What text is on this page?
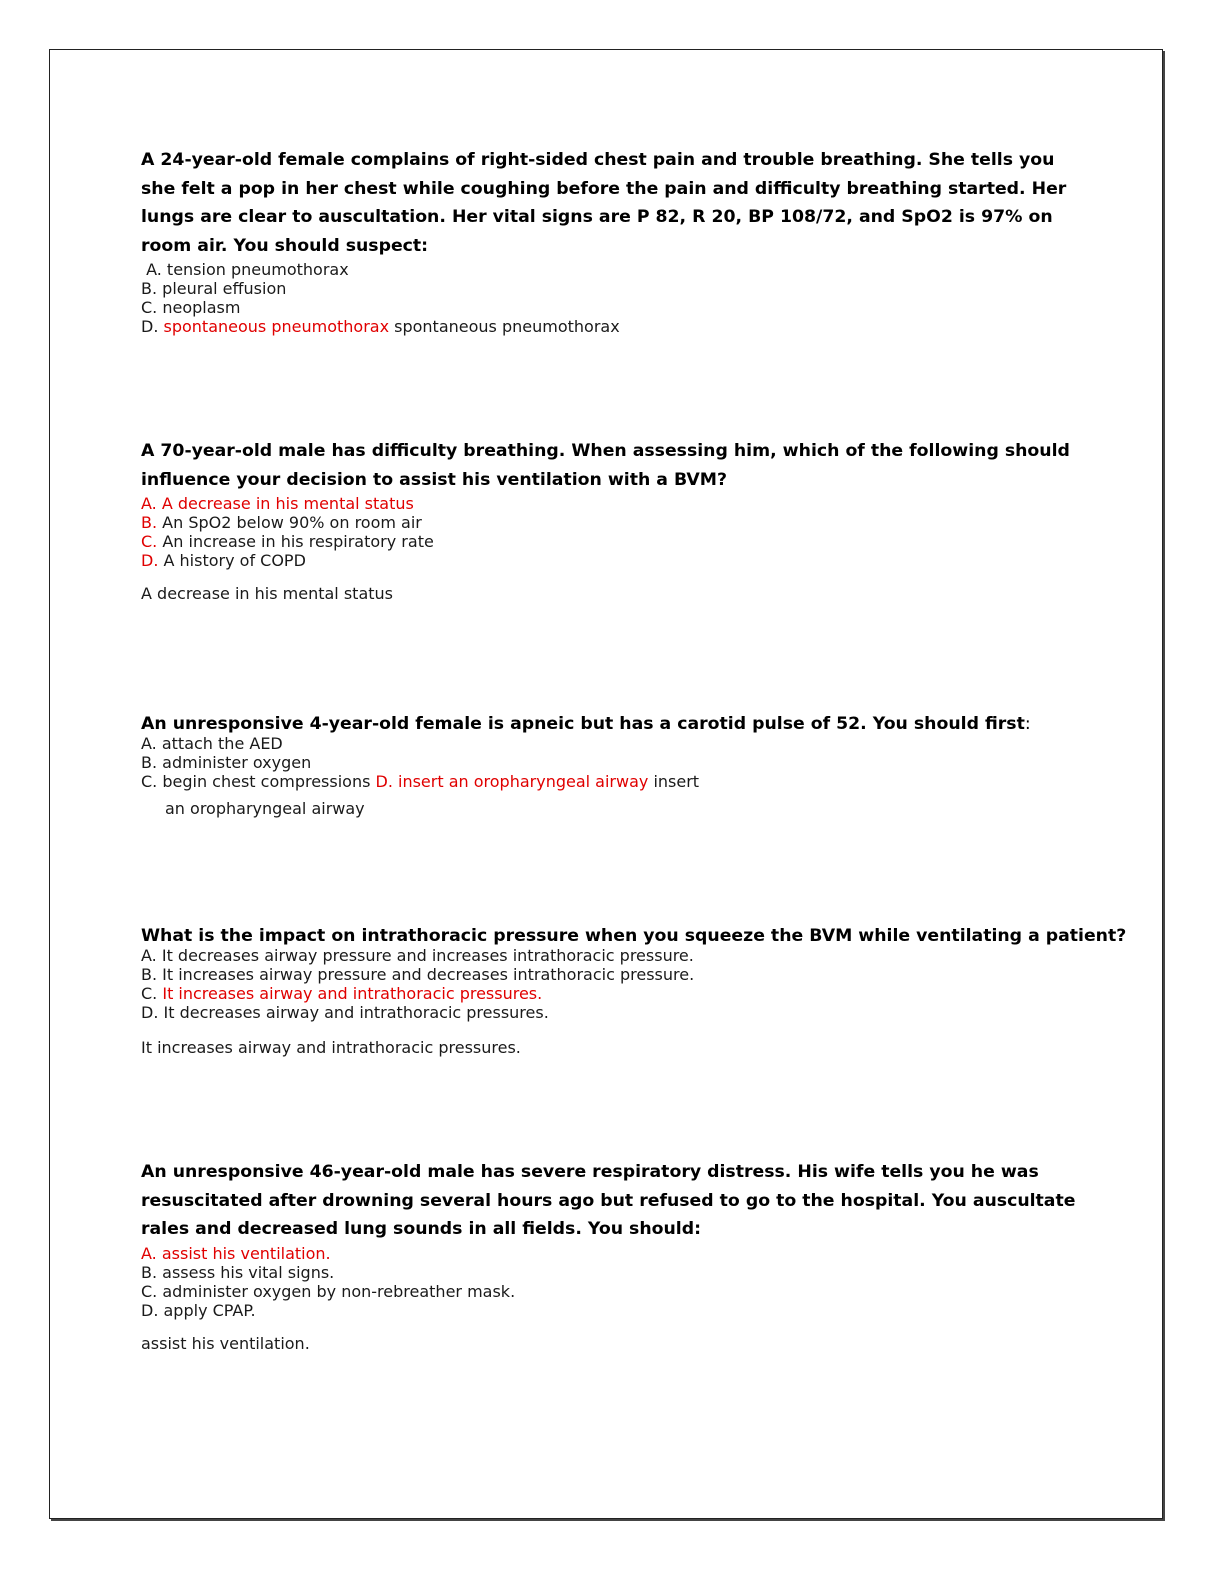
A 24-year-old female complains of right-sided chest pain and trouble breathing. She tells you she felt a pop in her chest while coughing before the pain and difficulty breathing started. Her lungs are clear to auscultation. Her vital signs are P 82, R 20, BP 108/72, and SpO2 is 97% on room air. You should suspect:

A. tension pneumothorax

B. pleural effusion

C. neoplasm

D. spontaneous pneumothorax spontaneous pneumothorax

A 70-year-old male has difficulty breathing. When assessing him, which of the following should influence your decision to assist his ventilation with a BVM?

A. A decrease in his mental status

B. An SpO2 below 90% on room air

C. An increase in his respiratory rate

D. A history of COPD

A decrease in his mental status

An unresponsive 4-year-old female is apneic but has a carotid pulse of 52. You should first:

A. attach the AED

B. administer oxygen

C. begin chest compressions D. insert an oropharyngeal airway insert

an oropharyngeal airway

What is the impact on intrathoracic pressure when you squeeze the BVM while ventilating a patient?

A. It decreases airway pressure and increases intrathoracic pressure.

B. It increases airway pressure and decreases intrathoracic pressure.

C. It increases airway and intrathoracic pressures.

D. It decreases airway and intrathoracic pressures.

It increases airway and intrathoracic pressures.

An unresponsive 46-year-old male has severe respiratory distress. His wife tells you he was resuscitated after drowning several hours ago but refused to go to the hospital. You auscultate rales and decreased lung sounds in all fields. You should:

A. assist his ventilation.

B. assess his vital signs.

C. administer oxygen by non-rebreather mask.

D. apply CPAP.

assist his ventilation.
